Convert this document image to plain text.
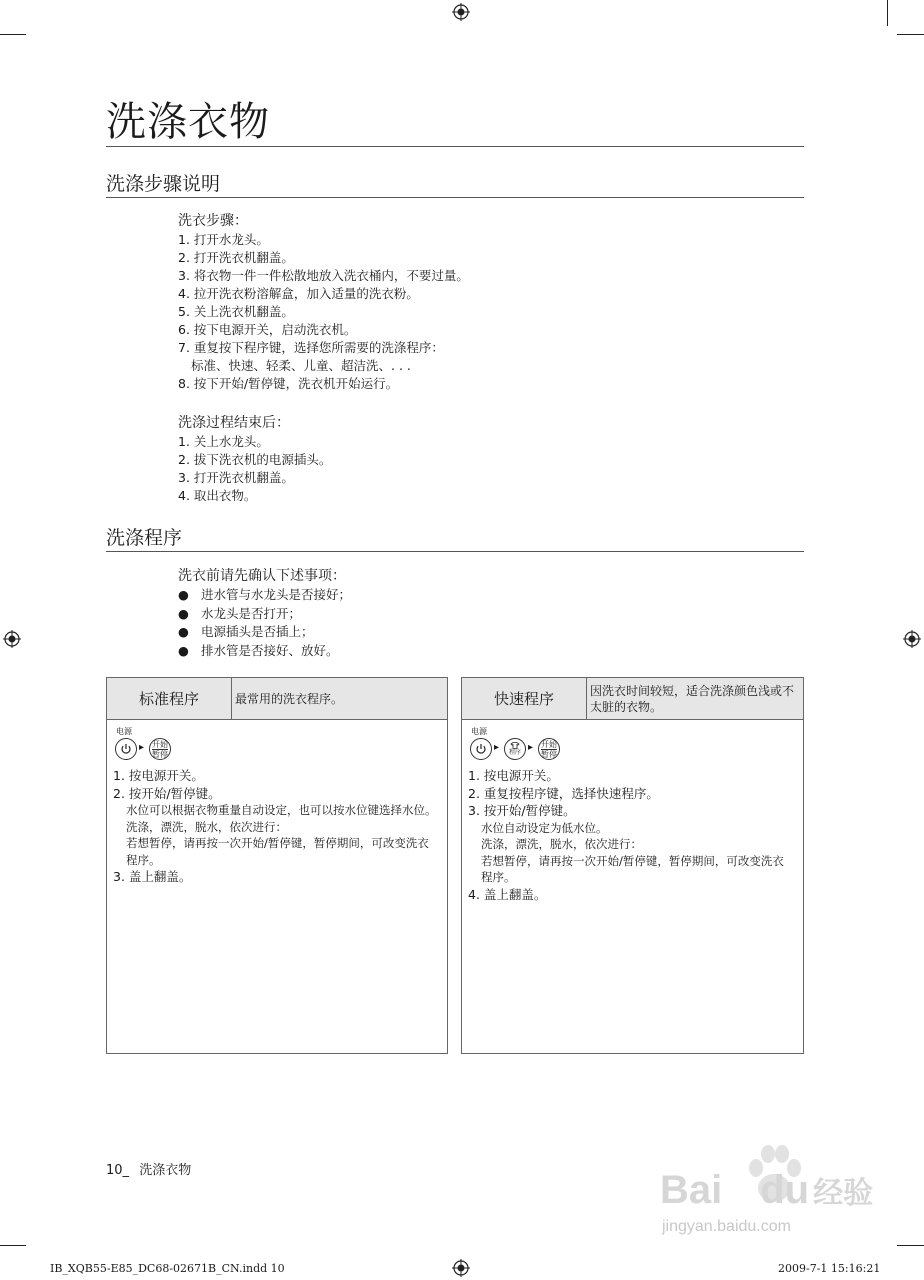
洗涤衣物
洗涤步骤说明
洗衣步骤：
1. 打开水龙头。
2. 打开洗衣机翻盖。
3. 将衣物一件一件松散地放入洗衣桶内，不要过量。
4. 拉开洗衣粉溶解盒，加入适量的洗衣粉。
5. 关上洗衣机翻盖。
6. 按下电源开关，启动洗衣机。
7. 重复按下程序键，选择您所需要的洗涤程序：
标准、快速、轻柔、儿童、超洁洗、. . .
8. 按下开始/暂停键，洗衣机开始运行。
洗涤过程结束后：
1. 关上水龙头。
2. 拔下洗衣机的电源插头。
3. 打开洗衣机翻盖。
4. 取出衣物。
洗涤程序
洗衣前请先确认下述事项：
● 进水管与水龙头是否接好；
● 水龙头是否打开；
● 电源插头是否插上；
● 排水管是否接好、放好。
标准程序	最常用的洗衣程序。
电源
▸ 开始
暂停
1. 按电源开关。
2. 按开始/暂停键。
水位可以根据衣物重量自动设定，也可以按水位键选择水位。
洗涤，漂洗，脱水，依次进行：
若想暂停，请再按一次开始/暂停键，暂停期间，可改变洗衣程序。
3. 盖上翻盖。
快速程序	因洗衣时间较短，适合洗涤颜色浅或不太脏的衣物。
电源
▸ 程序 ▸ 开始
暂停
1. 按电源开关。
2. 重复按程序键，选择快速程序。
3. 按开始/暂停键。
水位自动设定为低水位。
洗涤，漂洗，脱水，依次进行：
若想暂停，请再按一次开始/暂停键，暂停期间，可改变洗衣程序。
4. 盖上翻盖。
10_ 洗涤衣物	Bai du 经验
jingyan.baidu.com
IB_XQB55-E85_DC68-02671B_CN.indd 10	2009-7-1 15:16:21
